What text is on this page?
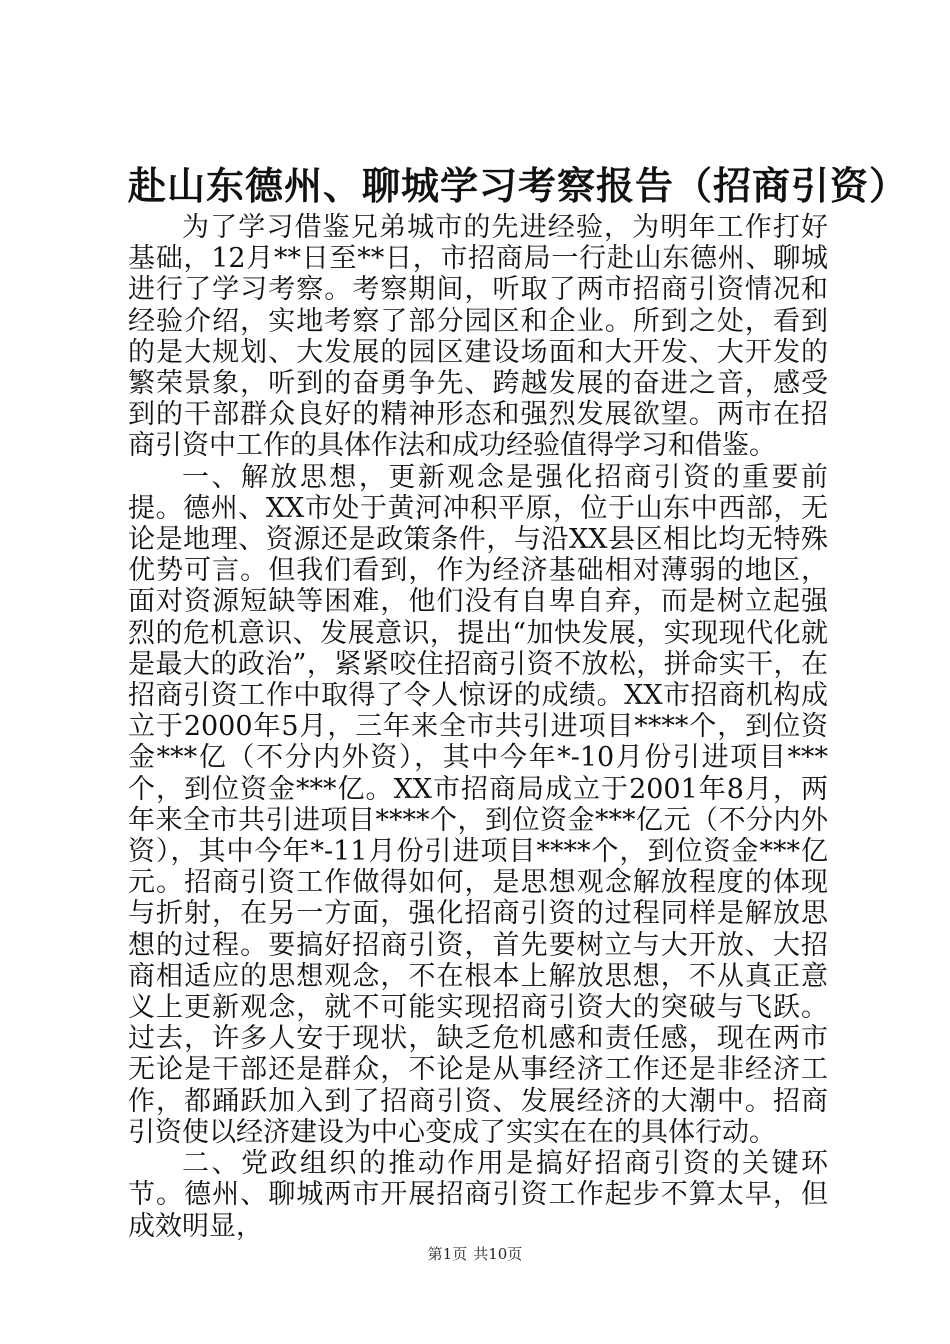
赴山东德州、聊城学习考察报告（招商引资）

为了学习借鉴兄弟城市的先进经验，为明年工作打好基础，12月**日至**日，市招商局一行赴山东德州、聊城进行了学习考察。考察期间，听取了两市招商引资情况和经验介绍，实地考察了部分园区和企业。所到之处，看到的是大规划、大发展的园区建设场面和大开发、大开发的繁荣景象，听到的奋勇争先、跨越发展的奋进之音，感受到的干部群众良好的精神形态和强烈发展欲望。两市在招商引资中工作的具体作法和成功经验值得学习和借鉴。

一、解放思想，更新观念是强化招商引资的重要前提。德州、XX市处于黄河冲积平原，位于山东中西部，无论是地理、资源还是政策条件，与沿XX县区相比均无特殊优势可言。但我们看到，作为经济基础相对薄弱的地区，面对资源短缺等困难，他们没有自卑自弃，而是树立起强烈的危机意识、发展意识，提出“加快发展，实现现代化就是最大的政治”，紧紧咬住招商引资不放松，拼命实干，在招商引资工作中取得了令人惊讶的成绩。XX市招商机构成立于2000年5月，三年来全市共引进项目****个，到位资金***亿（不分内外资），其中今年*-10月份引进项目***个，到位资金***亿。XX市招商局成立于2001年8月，两年来全市共引进项目****个，到位资金***亿元（不分内外资），其中今年*-11月份引进项目****个，到位资金***亿元。招商引资工作做得如何，是思想观念解放程度的体现与折射，在另一方面，强化招商引资的过程同样是解放思想的过程。要搞好招商引资，首先要树立与大开放、大招商相适应的思想观念，不在根本上解放思想，不从真正意义上更新观念，就不可能实现招商引资大的突破与飞跃。过去，许多人安于现状，缺乏危机感和责任感，现在两市无论是干部还是群众，不论是从事经济工作还是非经济工作，都踊跃加入到了招商引资、发展经济的大潮中。招商引资使以经济建设为中心变成了实实在在的具体行动。

二、党政组织的推动作用是搞好招商引资的关键环节。德州、聊城两市开展招商引资工作起步不算太早，但成效明显，

第1页 共10页
